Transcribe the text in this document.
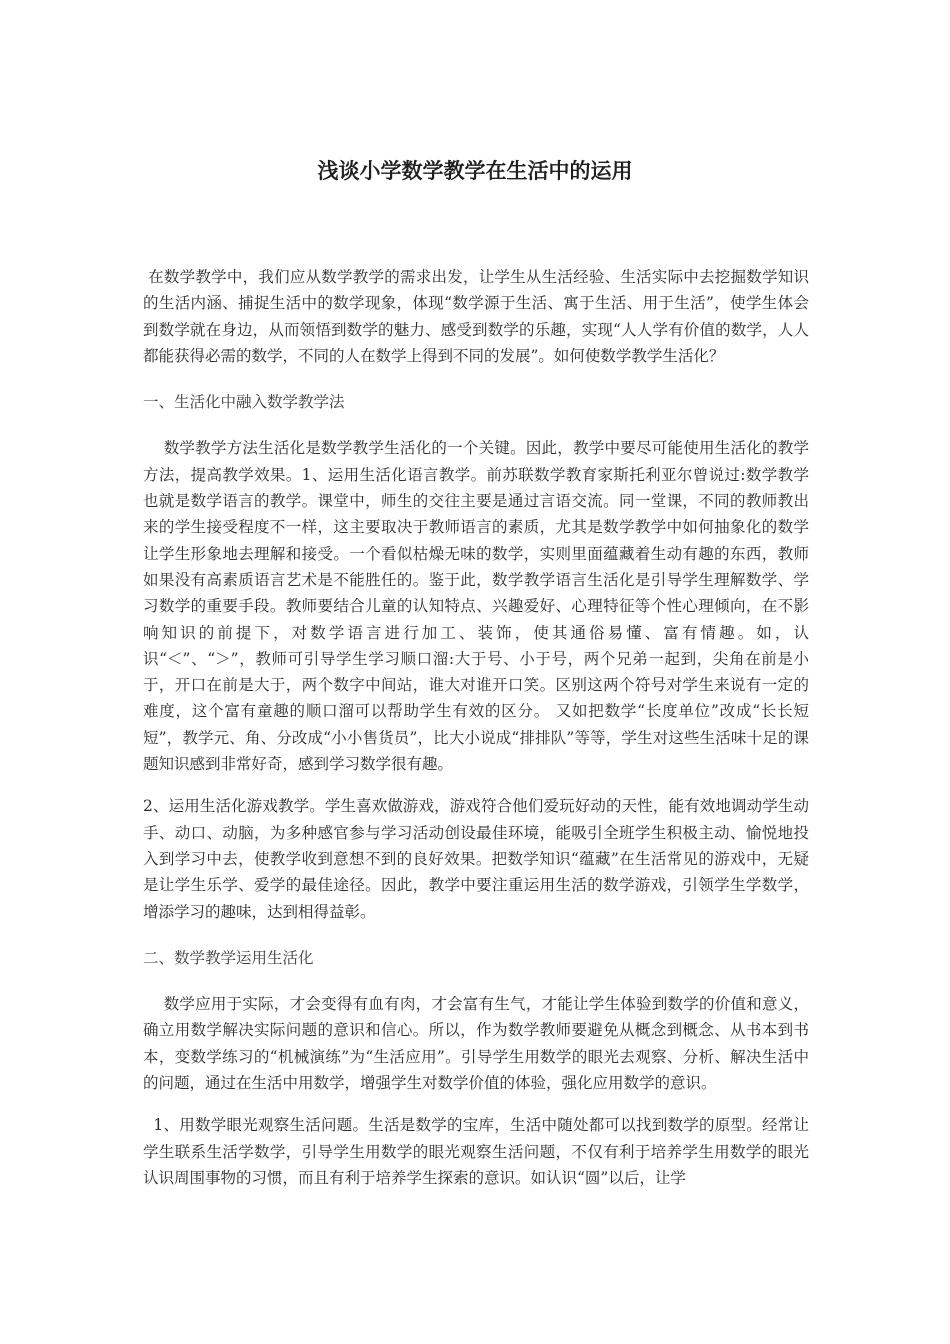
浅谈小学数学教学在生活中的运用

在数学教学中，我们应从数学教学的需求出发，让学生从生活经验、生活实际中去挖掘数学知识的生活内涵、捕捉生活中的数学现象，体现“数学源于生活、寓于生活、用于生活”，使学生体会到数学就在身边，从而领悟到数学的魅力、感受到数学的乐趣，实现“人人学有价值的数学，人人都能获得必需的数学，不同的人在数学上得到不同的发展”。如何使数学教学生活化？

一、生活化中融入数学教学法

数学教学方法生活化是数学教学生活化的一个关键。因此，教学中要尽可能使用生活化的教学方法，提高教学效果。1、运用生活化语言教学。前苏联数学教育家斯托利亚尔曾说过:数学教学也就是数学语言的教学。课堂中，师生的交往主要是通过言语交流。同一堂课，不同的教师教出来的学生接受程度不一样，这主要取决于教师语言的素质，尤其是数学教学中如何抽象化的数学让学生形象地去理解和接受。一个看似枯燥无味的数学，实则里面蕴藏着生动有趣的东西，教师如果没有高素质语言艺术是不能胜任的。鉴于此，数学教学语言生活化是引导学生理解数学、学习数学的重要手段。教师要结合儿童的认知特点、兴趣爱好、心理特征等个性心理倾向，在不影响知识的前提下，对数学语言进行加工、装饰，使其通俗易懂、富有情趣。如，认识“＜”、“＞”，教师可引导学生学习顺口溜:大于号、小于号，两个兄弟一起到，尖角在前是小于，开口在前是大于，两个数字中间站，谁大对谁开口笑。区别这两个符号对学生来说有一定的难度，这个富有童趣的顺口溜可以帮助学生有效的区分。 又如把数学“长度单位”改成“长长短短”，教学元、角、分改成“小小售货员”，比大小说成“排排队”等等，学生对这些生活味十足的课题知识感到非常好奇，感到学习数学很有趣。

2、运用生活化游戏教学。学生喜欢做游戏，游戏符合他们爱玩好动的天性，能有效地调动学生动手、动口、动脑，为多种感官参与学习活动创设最佳环境，能吸引全班学生积极主动、愉悦地投入到学习中去，使教学收到意想不到的良好效果。把数学知识“蕴藏”在生活常见的游戏中，无疑是让学生乐学、爱学的最佳途径。因此，教学中要注重运用生活的数学游戏，引领学生学数学，增添学习的趣味，达到相得益彰。

二、数学教学运用生活化

数学应用于实际，才会变得有血有肉，才会富有生气，才能让学生体验到数学的价值和意义，确立用数学解决实际问题的意识和信心。所以，作为数学教师要避免从概念到概念、从书本到书本，变数学练习的“机械演练”为“生活应用”。引导学生用数学的眼光去观察、分析、解决生活中的问题，通过在生活中用数学，增强学生对数学价值的体验，强化应用数学的意识。

1、用数学眼光观察生活问题。生活是数学的宝库，生活中随处都可以找到数学的原型。经常让学生联系生活学数学，引导学生用数学的眼光观察生活问题，不仅有利于培养学生用数学的眼光认识周围事物的习惯，而且有利于培养学生探索的意识。如认识“圆”以后，让学
